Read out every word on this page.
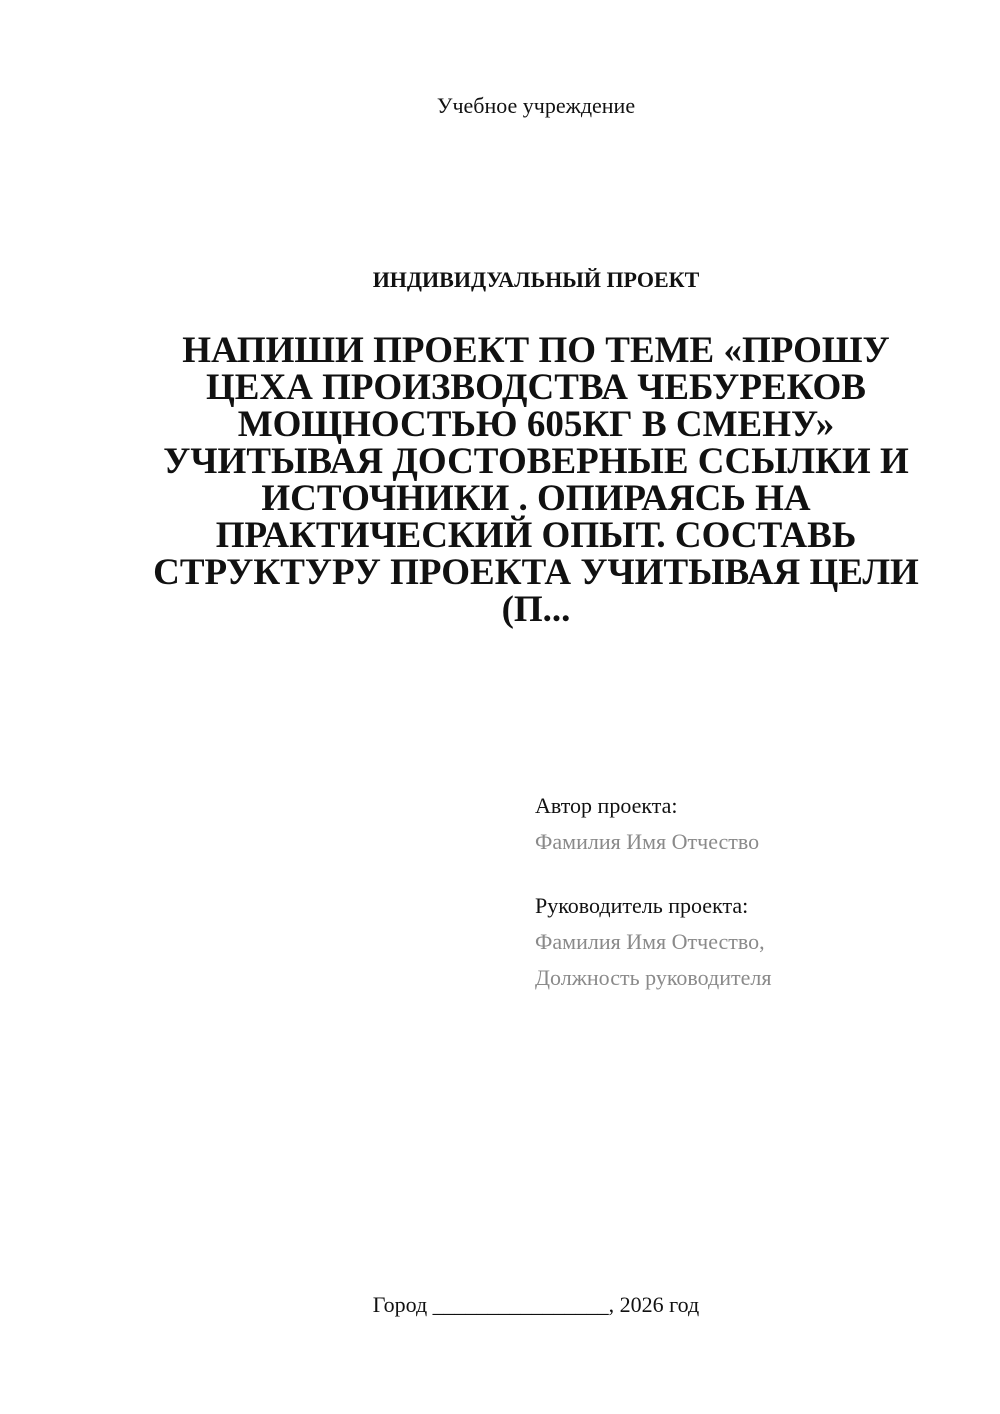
Учебное учреждение
ИНДИВИДУАЛЬНЫЙ ПРОЕКТ
НАПИШИ ПРОЕКТ ПО ТЕМЕ «ПРОШУ ЦЕХА ПРОИЗВОДСТВА ЧЕБУРЕКОВ МОЩНОСТЬЮ 605КГ В СМЕНУ» УЧИТЫВАЯ ДОСТОВЕРНЫЕ ССЫЛКИ И ИСТОЧНИКИ . ОПИРАЯСЬ НА ПРАКТИЧЕСКИЙ ОПЫТ. СОСТАВЬ СТРУКТУРУ ПРОЕКТА УЧИТЫВАЯ ЦЕЛИ (П...
Автор проекта:
Фамилия Имя Отчество
Руководитель проекта:
Фамилия Имя Отчество,
Должность руководителя
Город ________________, 2026 год
